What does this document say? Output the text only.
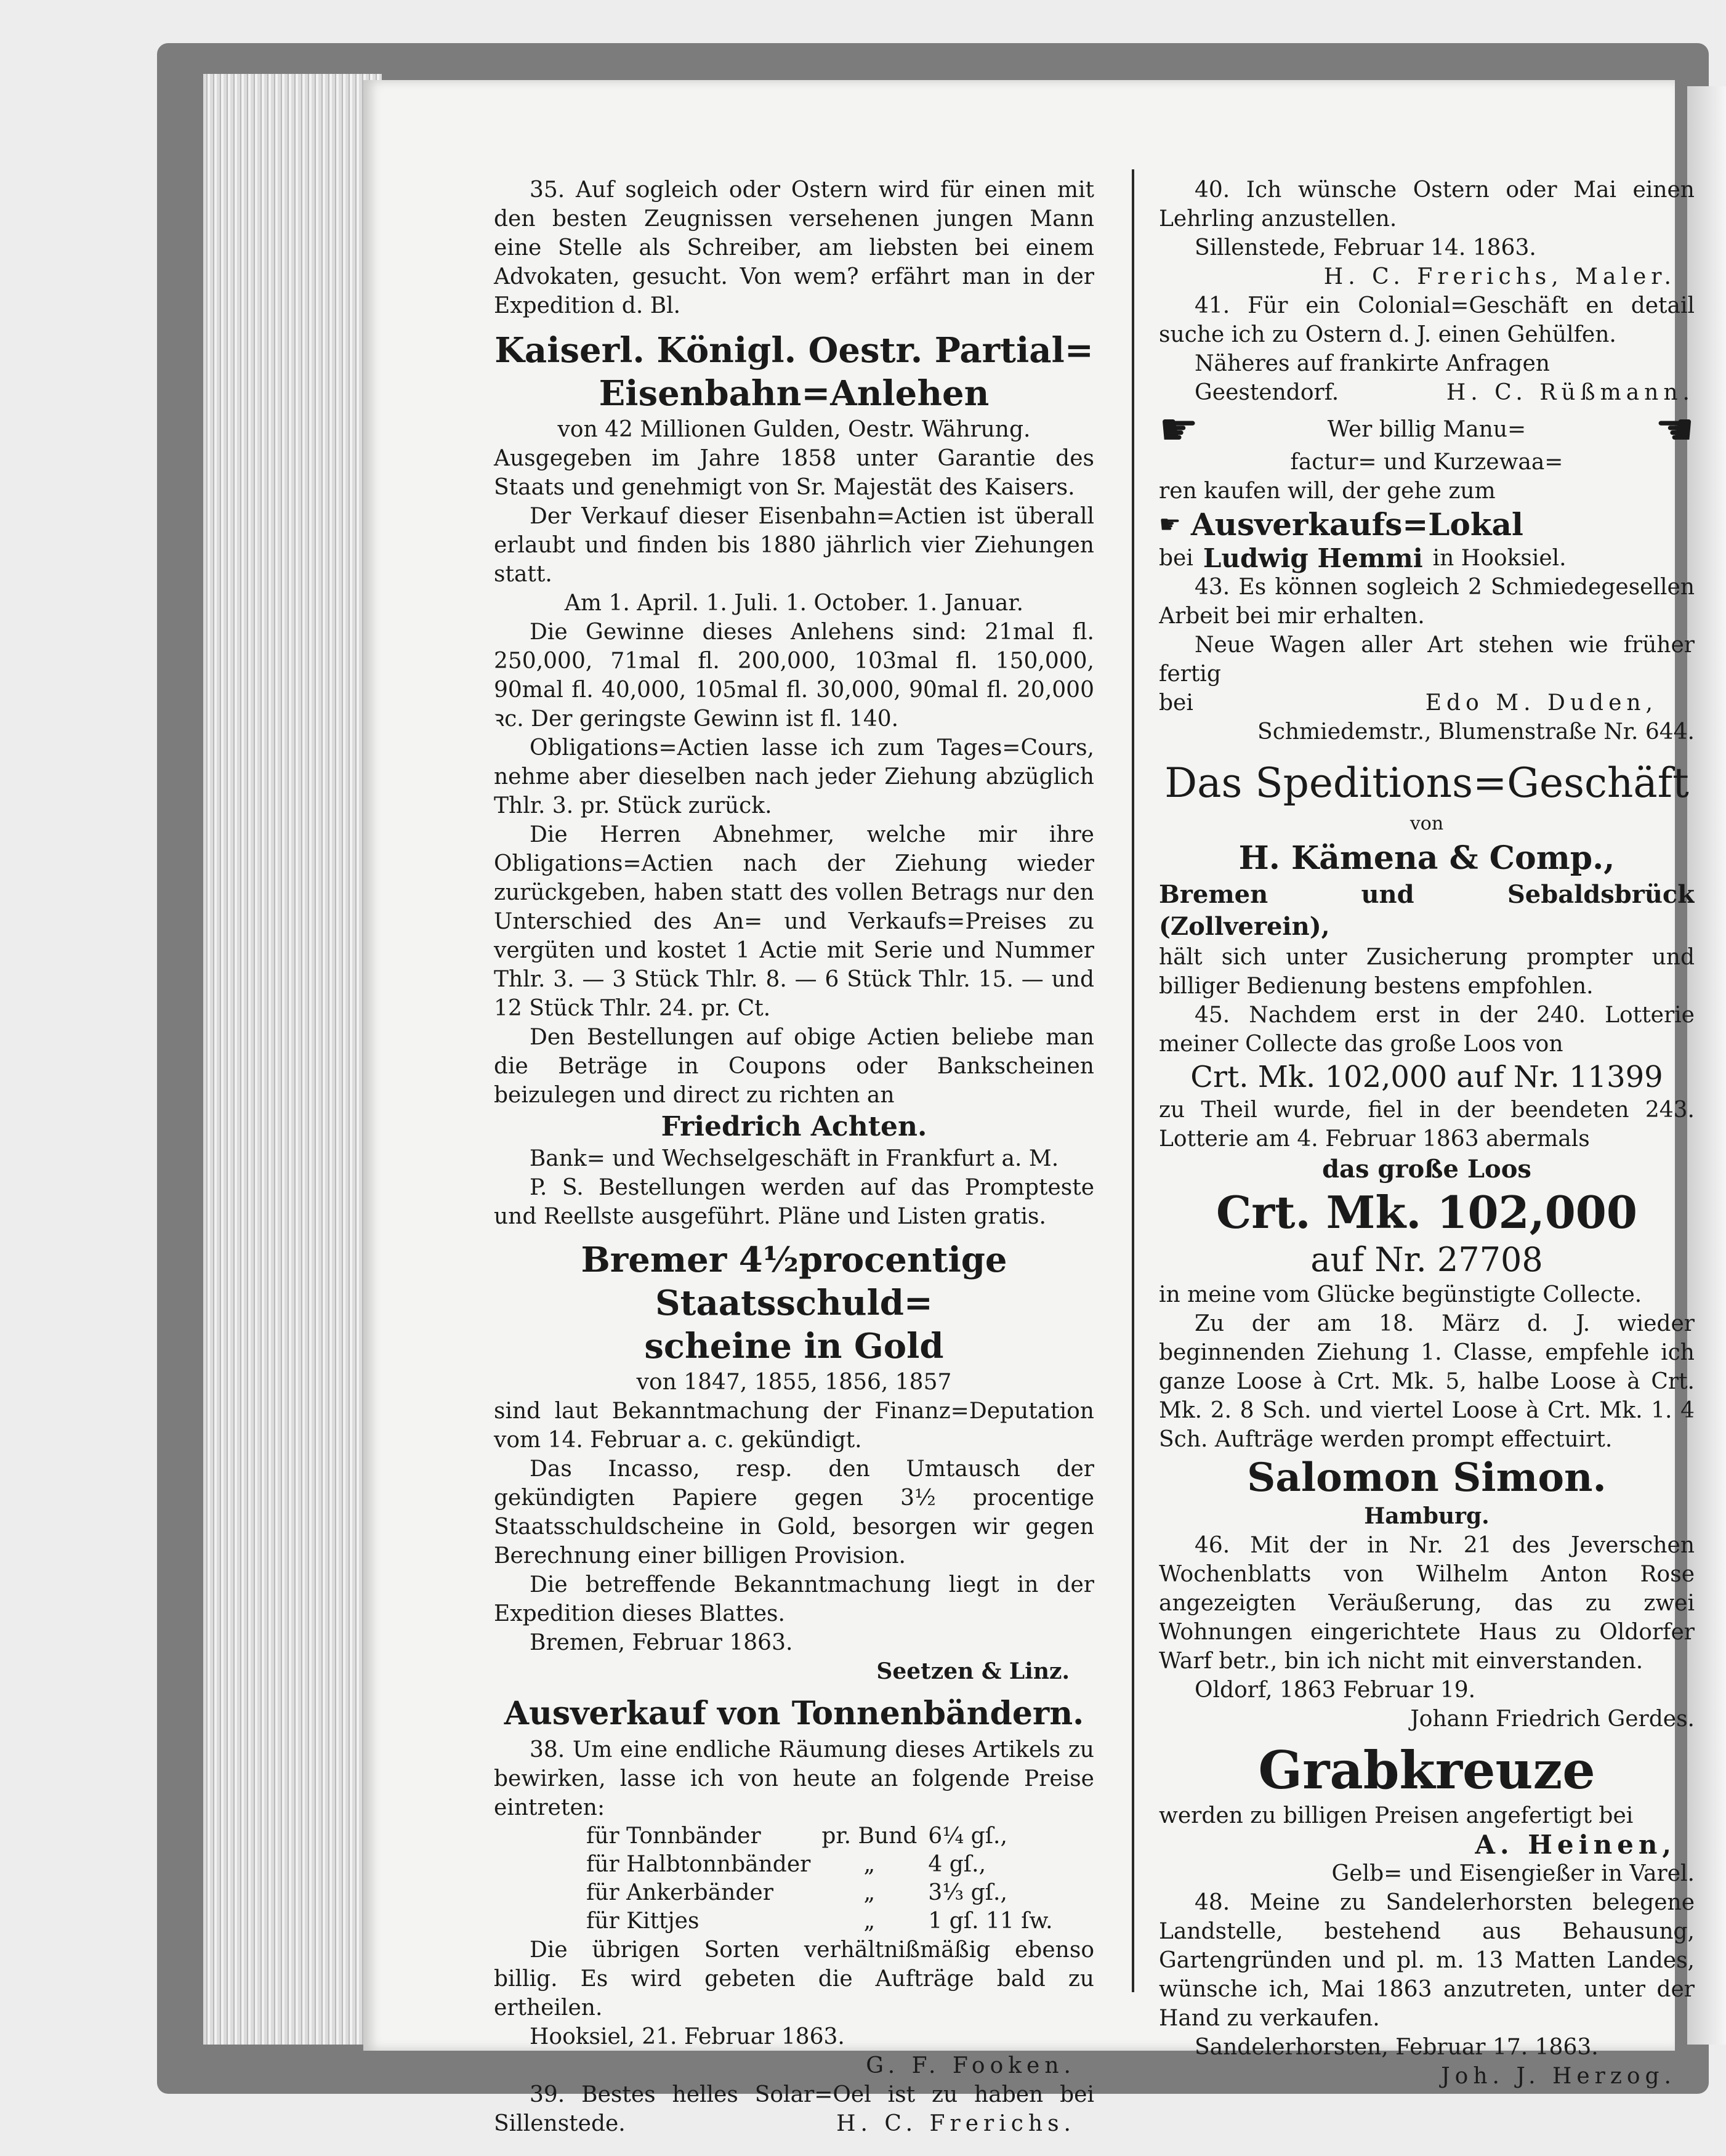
35. Auf sogleich oder Ostern wird für einen mit den besten Zeugnissen versehenen jungen Mann eine Stelle als Schreiber, am liebsten bei einem Advokaten, gesucht. Von wem? erfährt man in der Expedition d. Bl.

Kaiserl. Königl. Oestr. Partial=
Eisenbahn=Anlehen

von 42 Millionen Gulden, Oestr. Währung.

Ausgegeben im Jahre 1858 unter Garantie des Staats und genehmigt von Sr. Majestät des Kaisers.

Der Verkauf dieser Eisenbahn=Actien ist überall erlaubt und finden bis 1880 jährlich vier Ziehungen statt.

Am 1. April. 1. Juli. 1. October. 1. Januar.

Die Gewinne dieses Anlehens sind: 21mal fl. 250,000, 71mal fl. 200,000, 103mal fl. 150,000, 90mal fl. 40,000, 105mal fl. 30,000, 90mal fl. 20,000 ꝛc. Der geringste Gewinn ist fl. 140.

Obligations=Actien lasse ich zum Tages=Cours, nehme aber dieselben nach jeder Ziehung abzüglich Thlr. 3. pr. Stück zurück.

Die Herren Abnehmer, welche mir ihre Obligations=Actien nach der Ziehung wieder zurückgeben, haben statt des vollen Betrags nur den Unterschied des An= und Verkaufs=Preises zu vergüten und kostet 1 Actie mit Serie und Nummer Thlr. 3. — 3 Stück Thlr. 8. — 6 Stück Thlr. 15. — und 12 Stück Thlr. 24. pr. Ct.

Den Bestellungen auf obige Actien beliebe man die Beträge in Coupons oder Bankscheinen beizulegen und direct zu richten an

Friedrich Achten.

Bank= und Wechselgeschäft in Frankfurt a. M.

P. S. Bestellungen werden auf das Prompteste und Reellste ausgeführt. Pläne und Listen gratis.

Bremer 4½procentige Staatsschuld=
scheine in Gold

von 1847, 1855, 1856, 1857

sind laut Bekanntmachung der Finanz=Deputation vom 14. Februar a. c. gekündigt.

Das Incasso, resp. den Umtausch der gekündigten Papiere gegen 3½ procentige Staatsschuldscheine in Gold, besorgen wir gegen Berechnung einer billigen Provision.

Die betreffende Bekanntmachung liegt in der Expedition dieses Blattes.

Bremen, Februar 1863.

Seetzen & Linz.

Ausverkauf von Tonnenbändern.

38. Um eine endliche Räumung dieses Artikels zu bewirken, lasse ich von heute an folgende Preise eintreten:

für Tonnbänder	pr. Bund	6¼ gſ.,
für Halbtonnbänder	„	4 gſ.,
für Ankerbänder	„	3⅓ gſ.,
für Kittjes	„	1 gſ. 11 ſw.

Die übrigen Sorten verhältnißmäßig ebenso billig. Es wird gebeten die Aufträge bald zu ertheilen.

Hooksiel, 21. Februar 1863.

G. F. Fooken.

39. Bestes helles Solar=Oel ist zu haben bei Sillenstede.	H. C. Frerichs.

40. Ich wünsche Ostern oder Mai einen Lehrling anzustellen.

Sillenstede, Februar 14. 1863.

H. C. Frerichs, Maler.

41. Für ein Colonial=Geschäft en detail suche ich zu Ostern d. J. einen Gehülfen.

Näheres auf frankirte Anfragen

Geestendorf.	H. C. Rüßmann.
☛	Wer billig Manu=	☚

factur= und Kurzewaa=

ren kaufen will, der gehe zum

☛ Ausverkaufs=Lokal
bei Ludwig Hemmi in Hooksiel.

43. Es können sogleich 2 Schmiedegesellen Arbeit bei mir erhalten.

Neue Wagen aller Art stehen wie früher fertig

bei	Edo M. Duden,

Schmiedemstr., Blumenstraße Nr. 644.

Das Speditions=Geschäft

von

H. Kämena & Comp.,

Bremen und Sebaldsbrück (Zollverein),

hält sich unter Zusicherung prompter und billiger Bedienung bestens empfohlen.

45. Nachdem erst in der 240. Lotterie meiner Collecte das große Loos von

Crt. Mk. 102,000 auf Nr. 11399

zu Theil wurde, fiel in der beendeten 243. Lotterie am 4. Februar 1863 abermals

das große Loos

Crt. Mk. 102,000

auf Nr. 27708

in meine vom Glücke begünstigte Collecte.

Zu der am 18. März d. J. wieder beginnenden Ziehung 1. Classe, empfehle ich ganze Loose à Crt. Mk. 5, halbe Loose à Crt. Mk. 2. 8 Sch. und viertel Loose à Crt. Mk. 1. 4 Sch. Aufträge werden prompt effectuirt.

Salomon Simon.

Hamburg.

46. Mit der in Nr. 21 des Jeverschen Wochenblatts von Wilhelm Anton Rose angezeigten Veräußerung, das zu zwei Wohnungen eingerichtete Haus zu Oldorfer Warf betr., bin ich nicht mit einverstanden.

Oldorf, 1863 Februar 19.

Johann Friedrich Gerdes.

Grabkreuze

werden zu billigen Preisen angefertigt bei

A. Heinen,

Gelb= und Eisengießer in Varel.

48. Meine zu Sandelerhorsten belegene Landstelle, bestehend aus Behausung, Gartengründen und pl. m. 13 Matten Landes, wünsche ich, Mai 1863 anzutreten, unter der Hand zu verkaufen.

Sandelerhorsten, Februar 17. 1863.

Joh. J. Herzog.
